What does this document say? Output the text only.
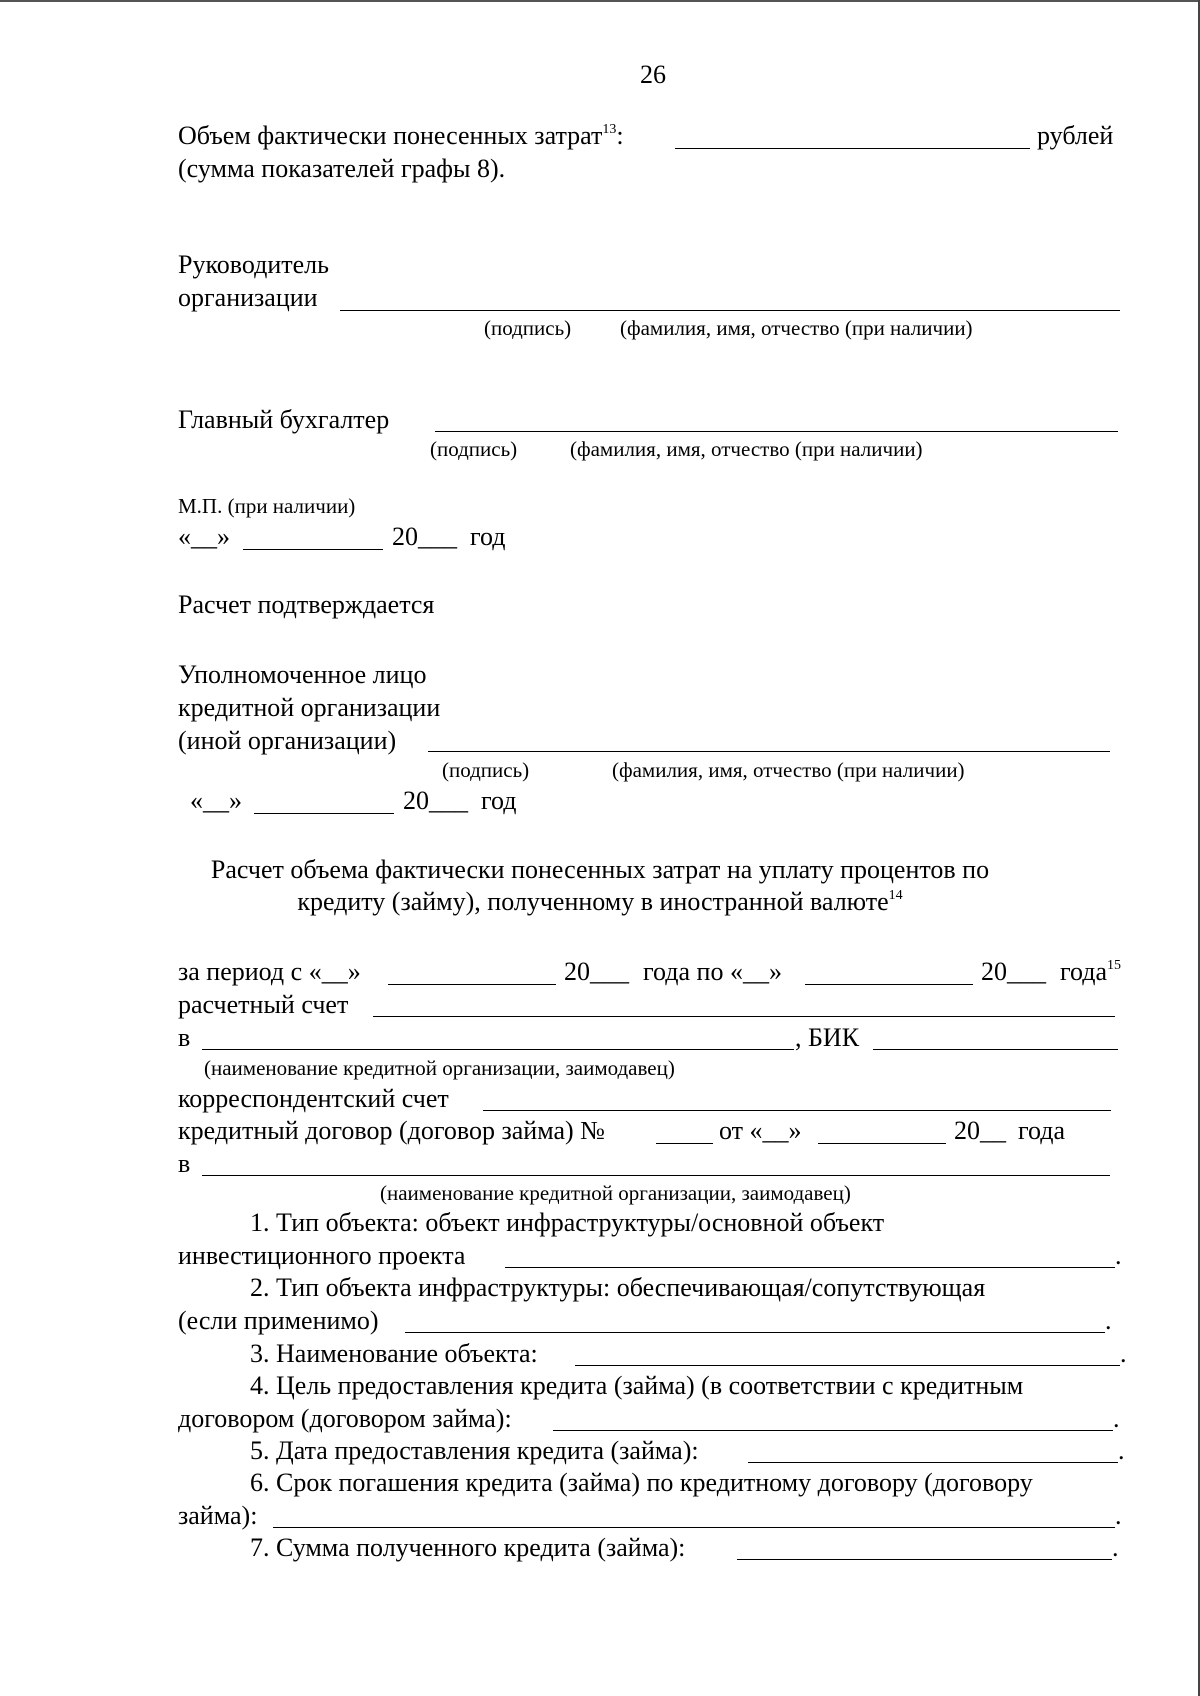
26
Объем фактически понесенных затрат$^{13}$:	рублей
(сумма показателей графы 8).
Руководитель
организации
(подпись) (фамилия, имя, отчество (при наличии)
Главный бухгалтер
(подпись)	(фамилия, имя, отчество (при наличии)
М.П. (при наличии)
«__»	20___ год
Расчет подтверждается
Уполномоченное лицо
кредитной организации
(иной организации)
(подпись)	(фамилия, имя, отчество (при наличии)
«__»	20___ год
Расчет объема фактически понесенных затрат на уплату процентов по
кредиту (займу), полученному в иностранной валюте$^{14}$
за период с «__»	20___ года по «__»	20___ года$^{15}$
расчетный счет
в	, БИК
(наименование кредитной организации, заимодавец)
корреспондентский счет
кредитный договор (договор займа) №	от «__»	20__ года
в
(наименование кредитной организации, заимодавец)
1. Тип объекта: объект инфраструктуры/основной объект
инвестиционного проекта	.
2. Тип объекта инфраструктуры: обеспечивающая/сопутствующая
(если применимо)	.
3. Наименование объекта:	.
4. Цель предоставления кредита (займа) (в соответствии с кредитным
договором (договором займа):	.
5. Дата предоставления кредита (займа):	.
6. Срок погашения кредита (займа) по кредитному договору (договору
займа):	.
7. Сумма полученного кредита (займа):	.
